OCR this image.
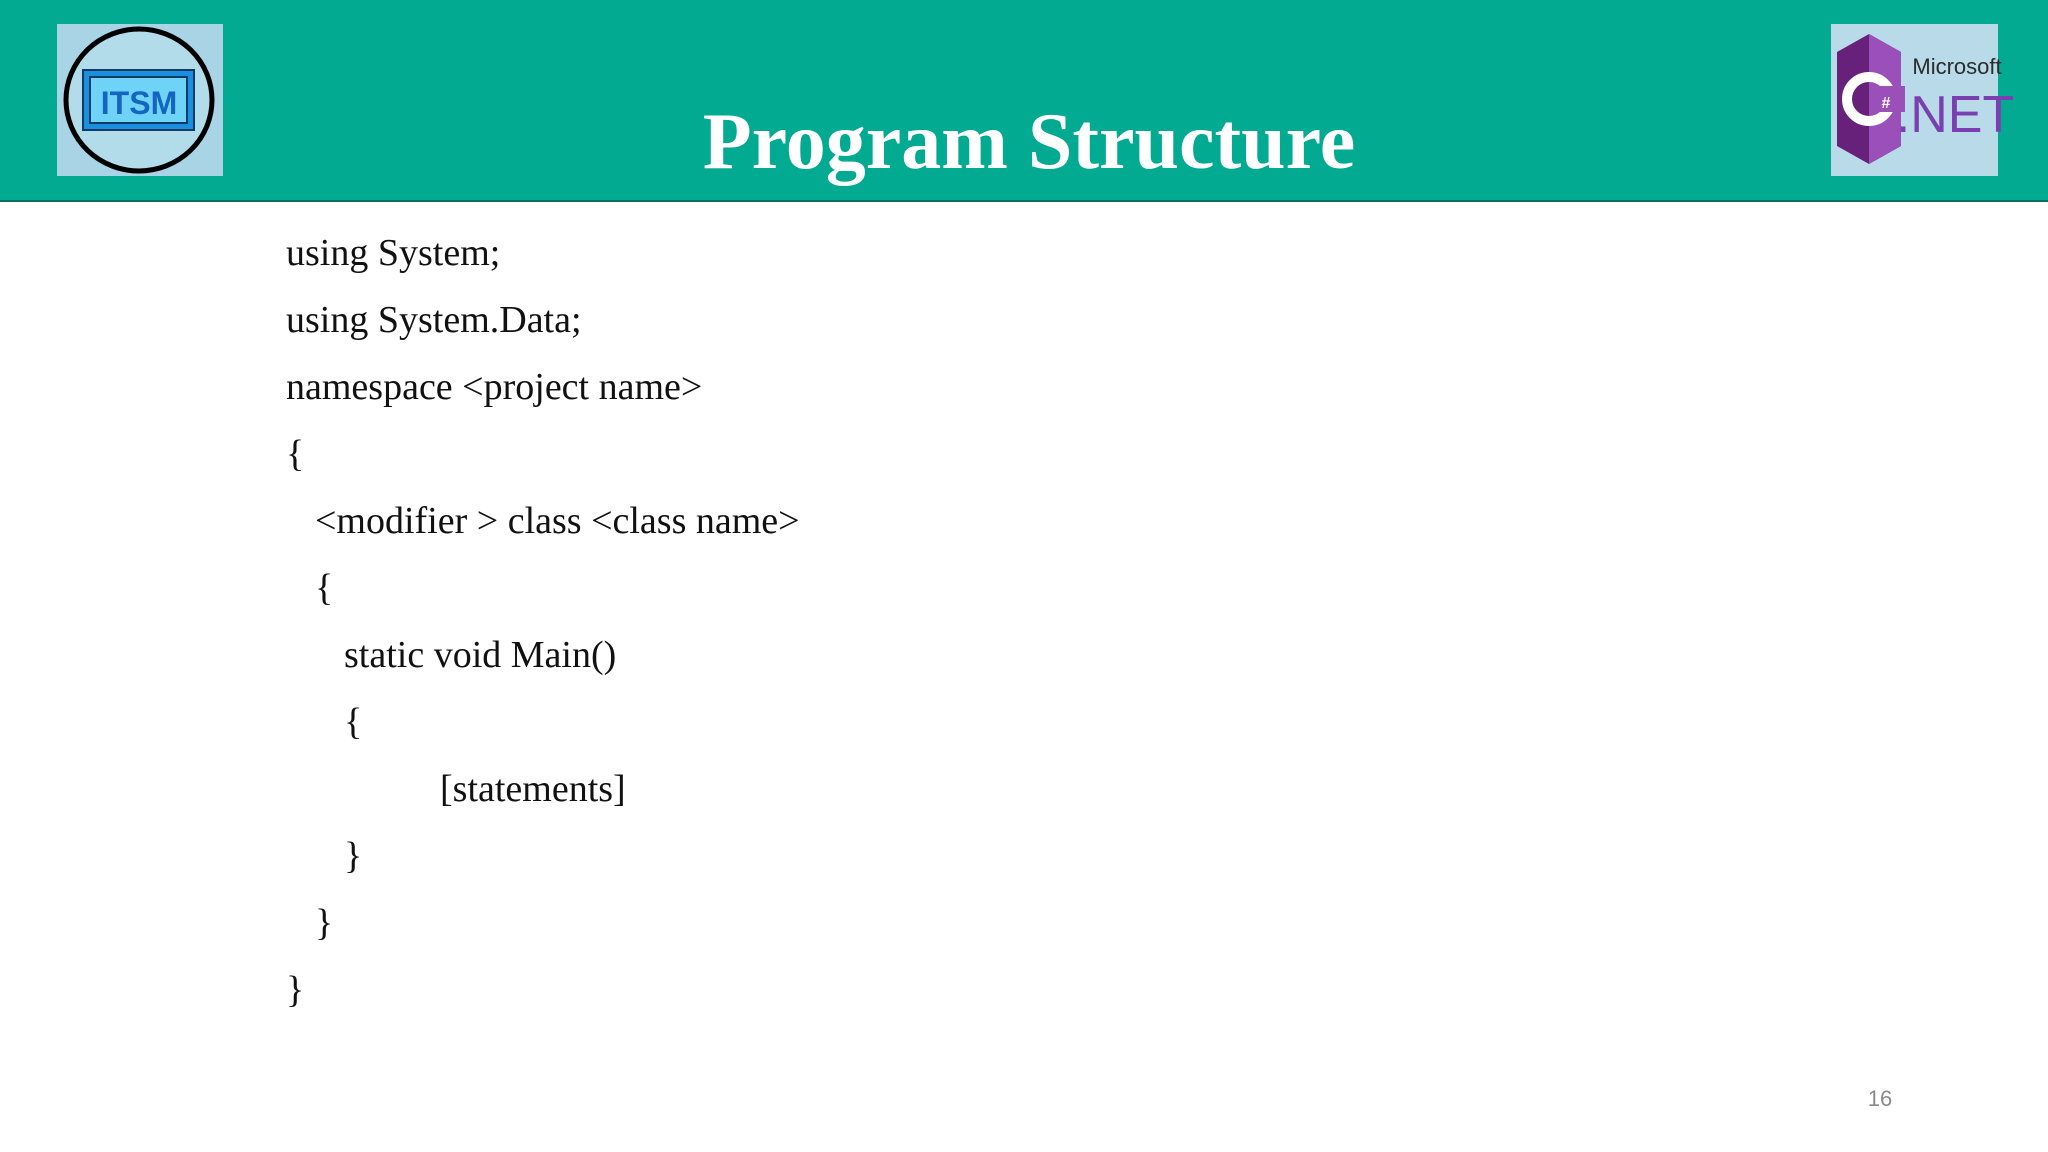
ITSM	Program Structure	#
Microsoft
.NET
using System;
using System.Data;
namespace <project name>
{
<modifier > class <class name>
{
static void Main()
{
[statements]
}
}
}
16
